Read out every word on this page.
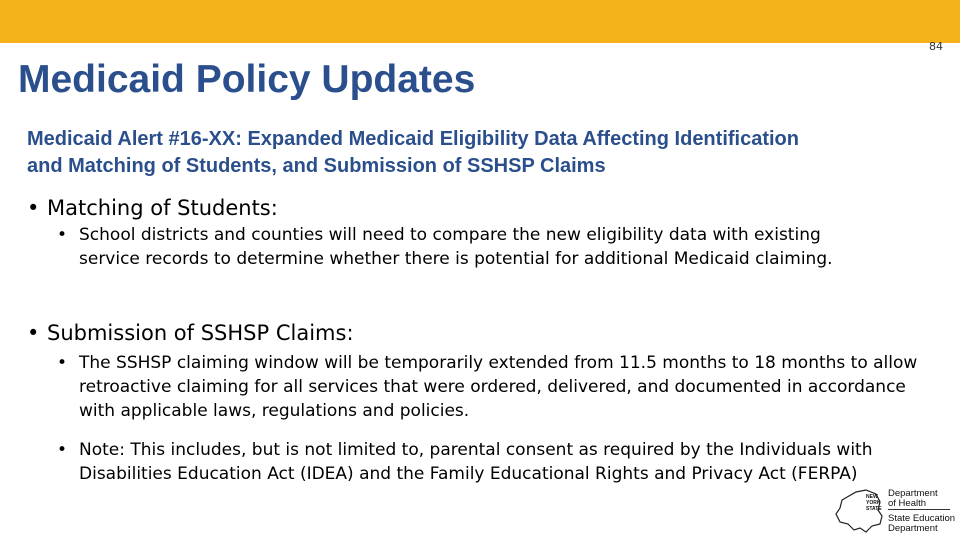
84
Medicaid Policy Updates

Medicaid Alert #16-XX: Expanded Medicaid Eligibility Data Affecting Identification and Matching of Students, and Submission of SSHSP Claims

• Matching of Students:
• School districts and counties will need to compare the new eligibility data with existing service records to determine whether there is potential for additional Medicaid claiming.
• Submission of SSHSP Claims:
• The SSHSP claiming window will be temporarily extended from 11.5 months to 18 months to allow retroactive claiming for all services that were ordered, delivered, and documented in accordance with applicable laws, regulations and policies.
• Note: This includes, but is not limited to, parental consent as required by the Individuals with Disabilities Education Act (IDEA) and the Family Educational Rights and Privacy Act (FERPA)
NEW
YORK
STATE
Department
of Health
State Education
Department
